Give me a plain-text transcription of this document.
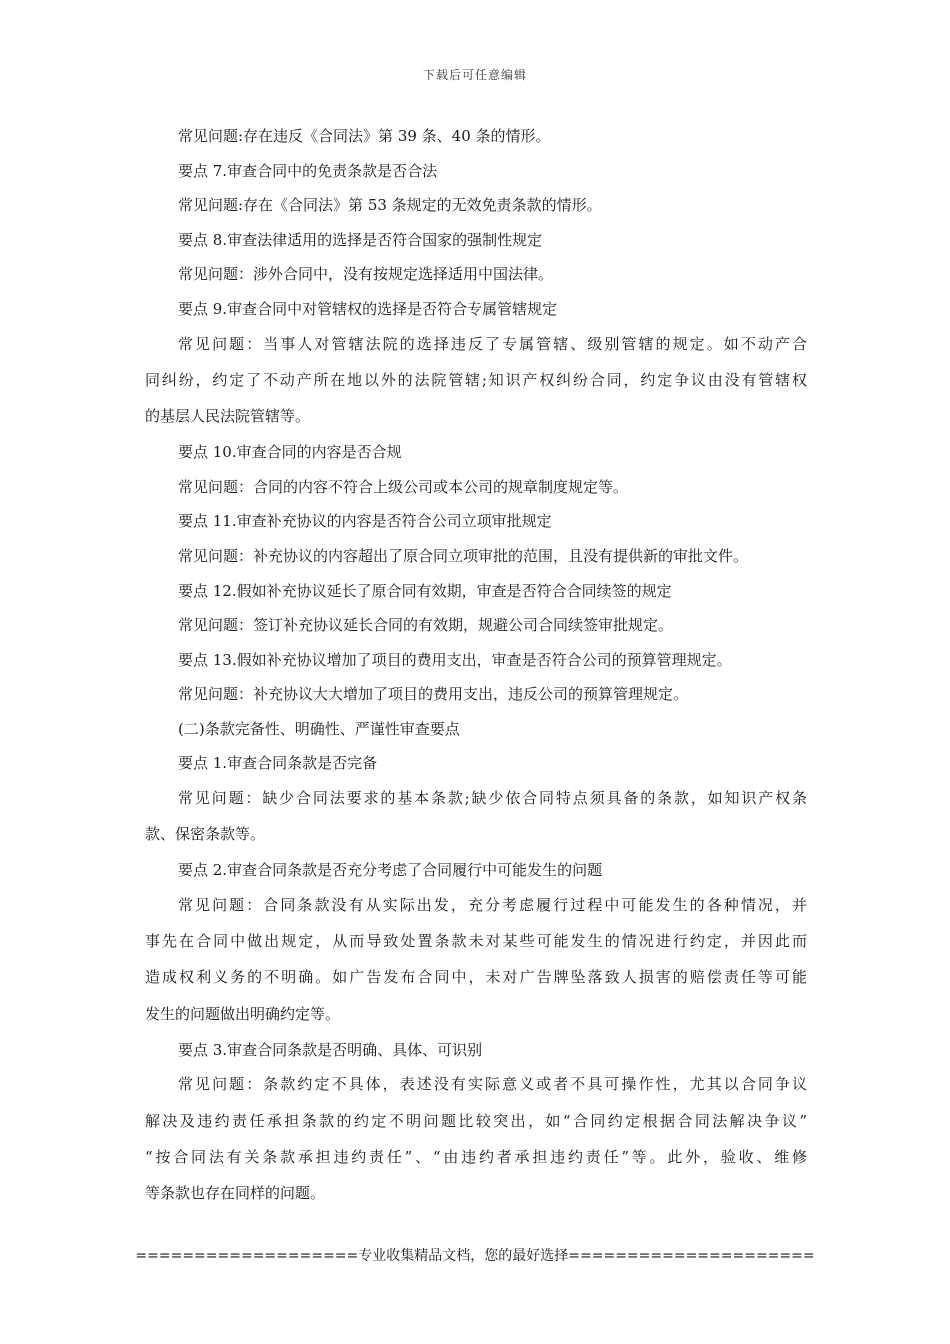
下载后可任意编辑
常见问题:存在违反《合同法》第 39 条、40 条的情形。
要点 7.审查合同中的免责条款是否合法
常见问题:存在《合同法》第 53 条规定的无效免责条款的情形。
要点 8.审查法律适用的选择是否符合国家的强制性规定
常见问题：涉外合同中，没有按规定选择适用中国法律。
要点 9.审查合同中对管辖权的选择是否符合专属管辖规定
常见问题：当事人对管辖法院的选择违反了专属管辖、级别管辖的规定。如不动产合
同纠纷，约定了不动产所在地以外的法院管辖;知识产权纠纷合同，约定争议由没有管辖权
的基层人民法院管辖等。
要点 10.审查合同的内容是否合规
常见问题：合同的内容不符合上级公司或本公司的规章制度规定等。
要点 11.审查补充协议的内容是否符合公司立项审批规定
常见问题：补充协议的内容超出了原合同立项审批的范围，且没有提供新的审批文件。
要点 12.假如补充协议延长了原合同有效期，审查是否符合合同续签的规定
常见问题：签订补充协议延长合同的有效期，规避公司合同续签审批规定。
要点 13.假如补充协议增加了项目的费用支出，审查是否符合公司的预算管理规定。
常见问题：补充协议大大增加了项目的费用支出，违反公司的预算管理规定。
(二)条款完备性、明确性、严谨性审查要点
要点 1.审查合同条款是否完备
常见问题：缺少合同法要求的基本条款;缺少依合同特点须具备的条款，如知识产权条
款、保密条款等。
要点 2.审查合同条款是否充分考虑了合同履行中可能发生的问题
常见问题：合同条款没有从实际出发，充分考虑履行过程中可能发生的各种情况，并
事先在合同中做出规定，从而导致处置条款未对某些可能发生的情况进行约定，并因此而
造成权利义务的不明确。如广告发布合同中，未对广告牌坠落致人损害的赔偿责任等可能
发生的问题做出明确约定等。
要点 3.审查合同条款是否明确、具体、可识别
常见问题：条款约定不具体，表述没有实际意义或者不具可操作性，尤其以合同争议
解决及违约责任承担条款的约定不明问题比较突出，如“合同约定根据合同法解决争议”
“按合同法有关条款承担违约责任”、“由违约者承担违约责任”等。此外，验收、维修
等条款也存在同样的问题。
===================专业收集精品文档，您的最好选择=====================
